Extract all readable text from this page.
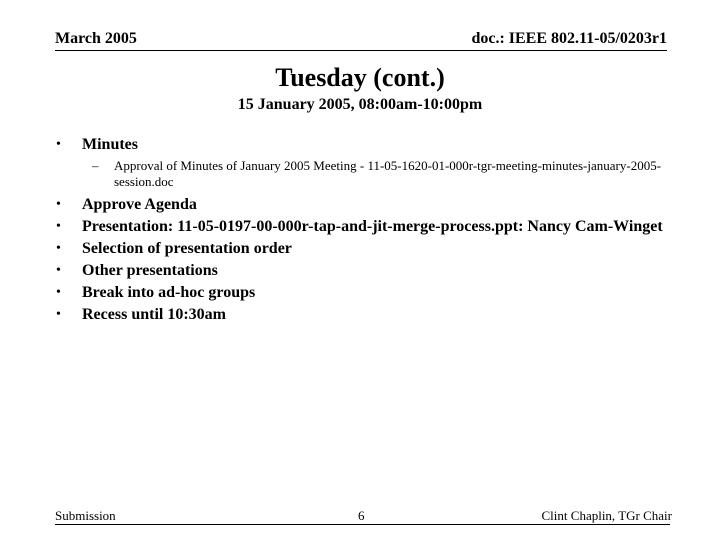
March 2005	doc.: IEEE 802.11-05/0203r1
Tuesday (cont.)
15 January 2005, 08:00am-10:00pm
• Minutes
– Approval of Minutes of January 2005 Meeting - 11-05-1620-01-000r-tgr-meeting-minutes-january-2005-session.doc
• Approve Agenda
• Presentation: 11-05-0197-00-000r-tap-and-jit-merge-process.ppt: Nancy Cam-Winget
• Selection of presentation order
• Other presentations
• Break into ad-hoc groups
• Recess until 10:30am
Submission	6	Clint Chaplin, TGr Chair
